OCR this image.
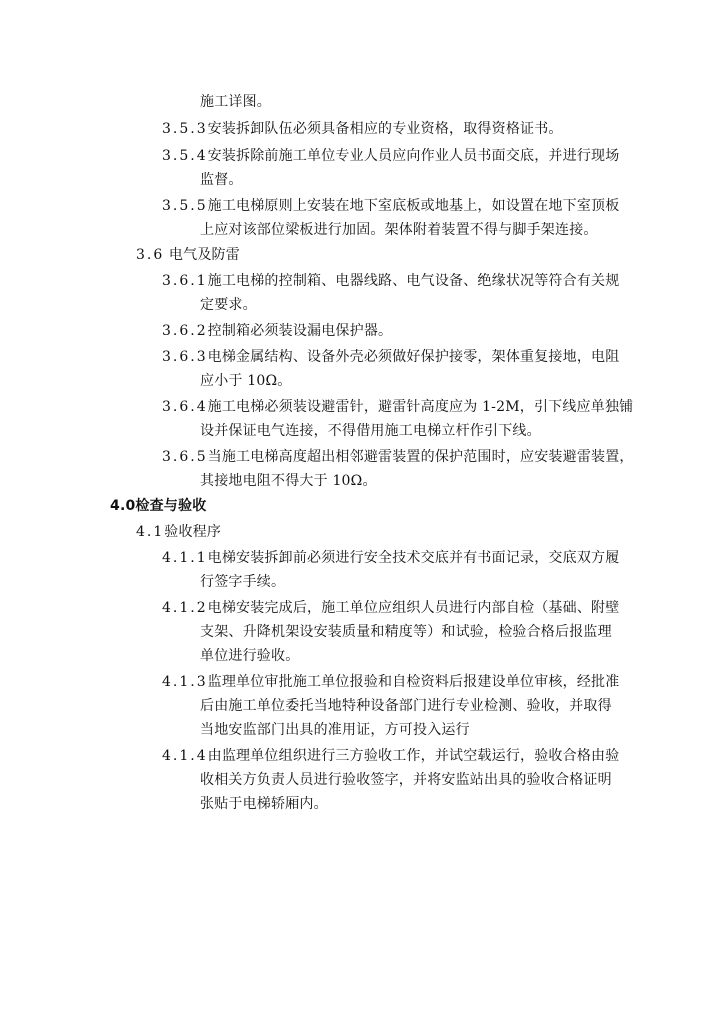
施工详图。
3.5.3安装拆卸队伍必须具备相应的专业资格，取得资格证书。
3.5.4安装拆除前施工单位专业人员应向作业人员书面交底，并进行现场
监督。
3.5.5施工电梯原则上安装在地下室底板或地基上，如设置在地下室顶板
上应对该部位梁板进行加固。架体附着装置不得与脚手架连接。
3.6 电气及防雷
3.6.1施工电梯的控制箱、电器线路、电气设备、绝缘状况等符合有关规
定要求。
3.6.2控制箱必须装设漏电保护器。
3.6.3电梯金属结构、设备外壳必须做好保护接零，架体重复接地，电阻
应小于 10Ω。
3.6.4施工电梯必须装设避雷针，避雷针高度应为 1-2M，引下线应单独铺
设并保证电气连接，不得借用施工电梯立杆作引下线。
3.6.5当施工电梯高度超出相邻避雷装置的保护范围时，应安装避雷装置，
其接地电阻不得大于 10Ω。
4.0检查与验收
4.1验收程序
4.1.1电梯安装拆卸前必须进行安全技术交底并有书面记录，交底双方履
行签字手续。
4.1.2电梯安装完成后，施工单位应组织人员进行内部自检（基础、附壁
支架、升降机架设安装质量和精度等）和试验，检验合格后报监理
单位进行验收。
4.1.3监理单位审批施工单位报验和自检资料后报建设单位审核，经批准
后由施工单位委托当地特种设备部门进行专业检测、验收，并取得
当地安监部门出具的准用证，方可投入运行
4.1.4由监理单位组织进行三方验收工作，并试空载运行，验收合格由验
收相关方负责人员进行验收签字，并将安监站出具的验收合格证明
张贴于电梯轿厢内。
